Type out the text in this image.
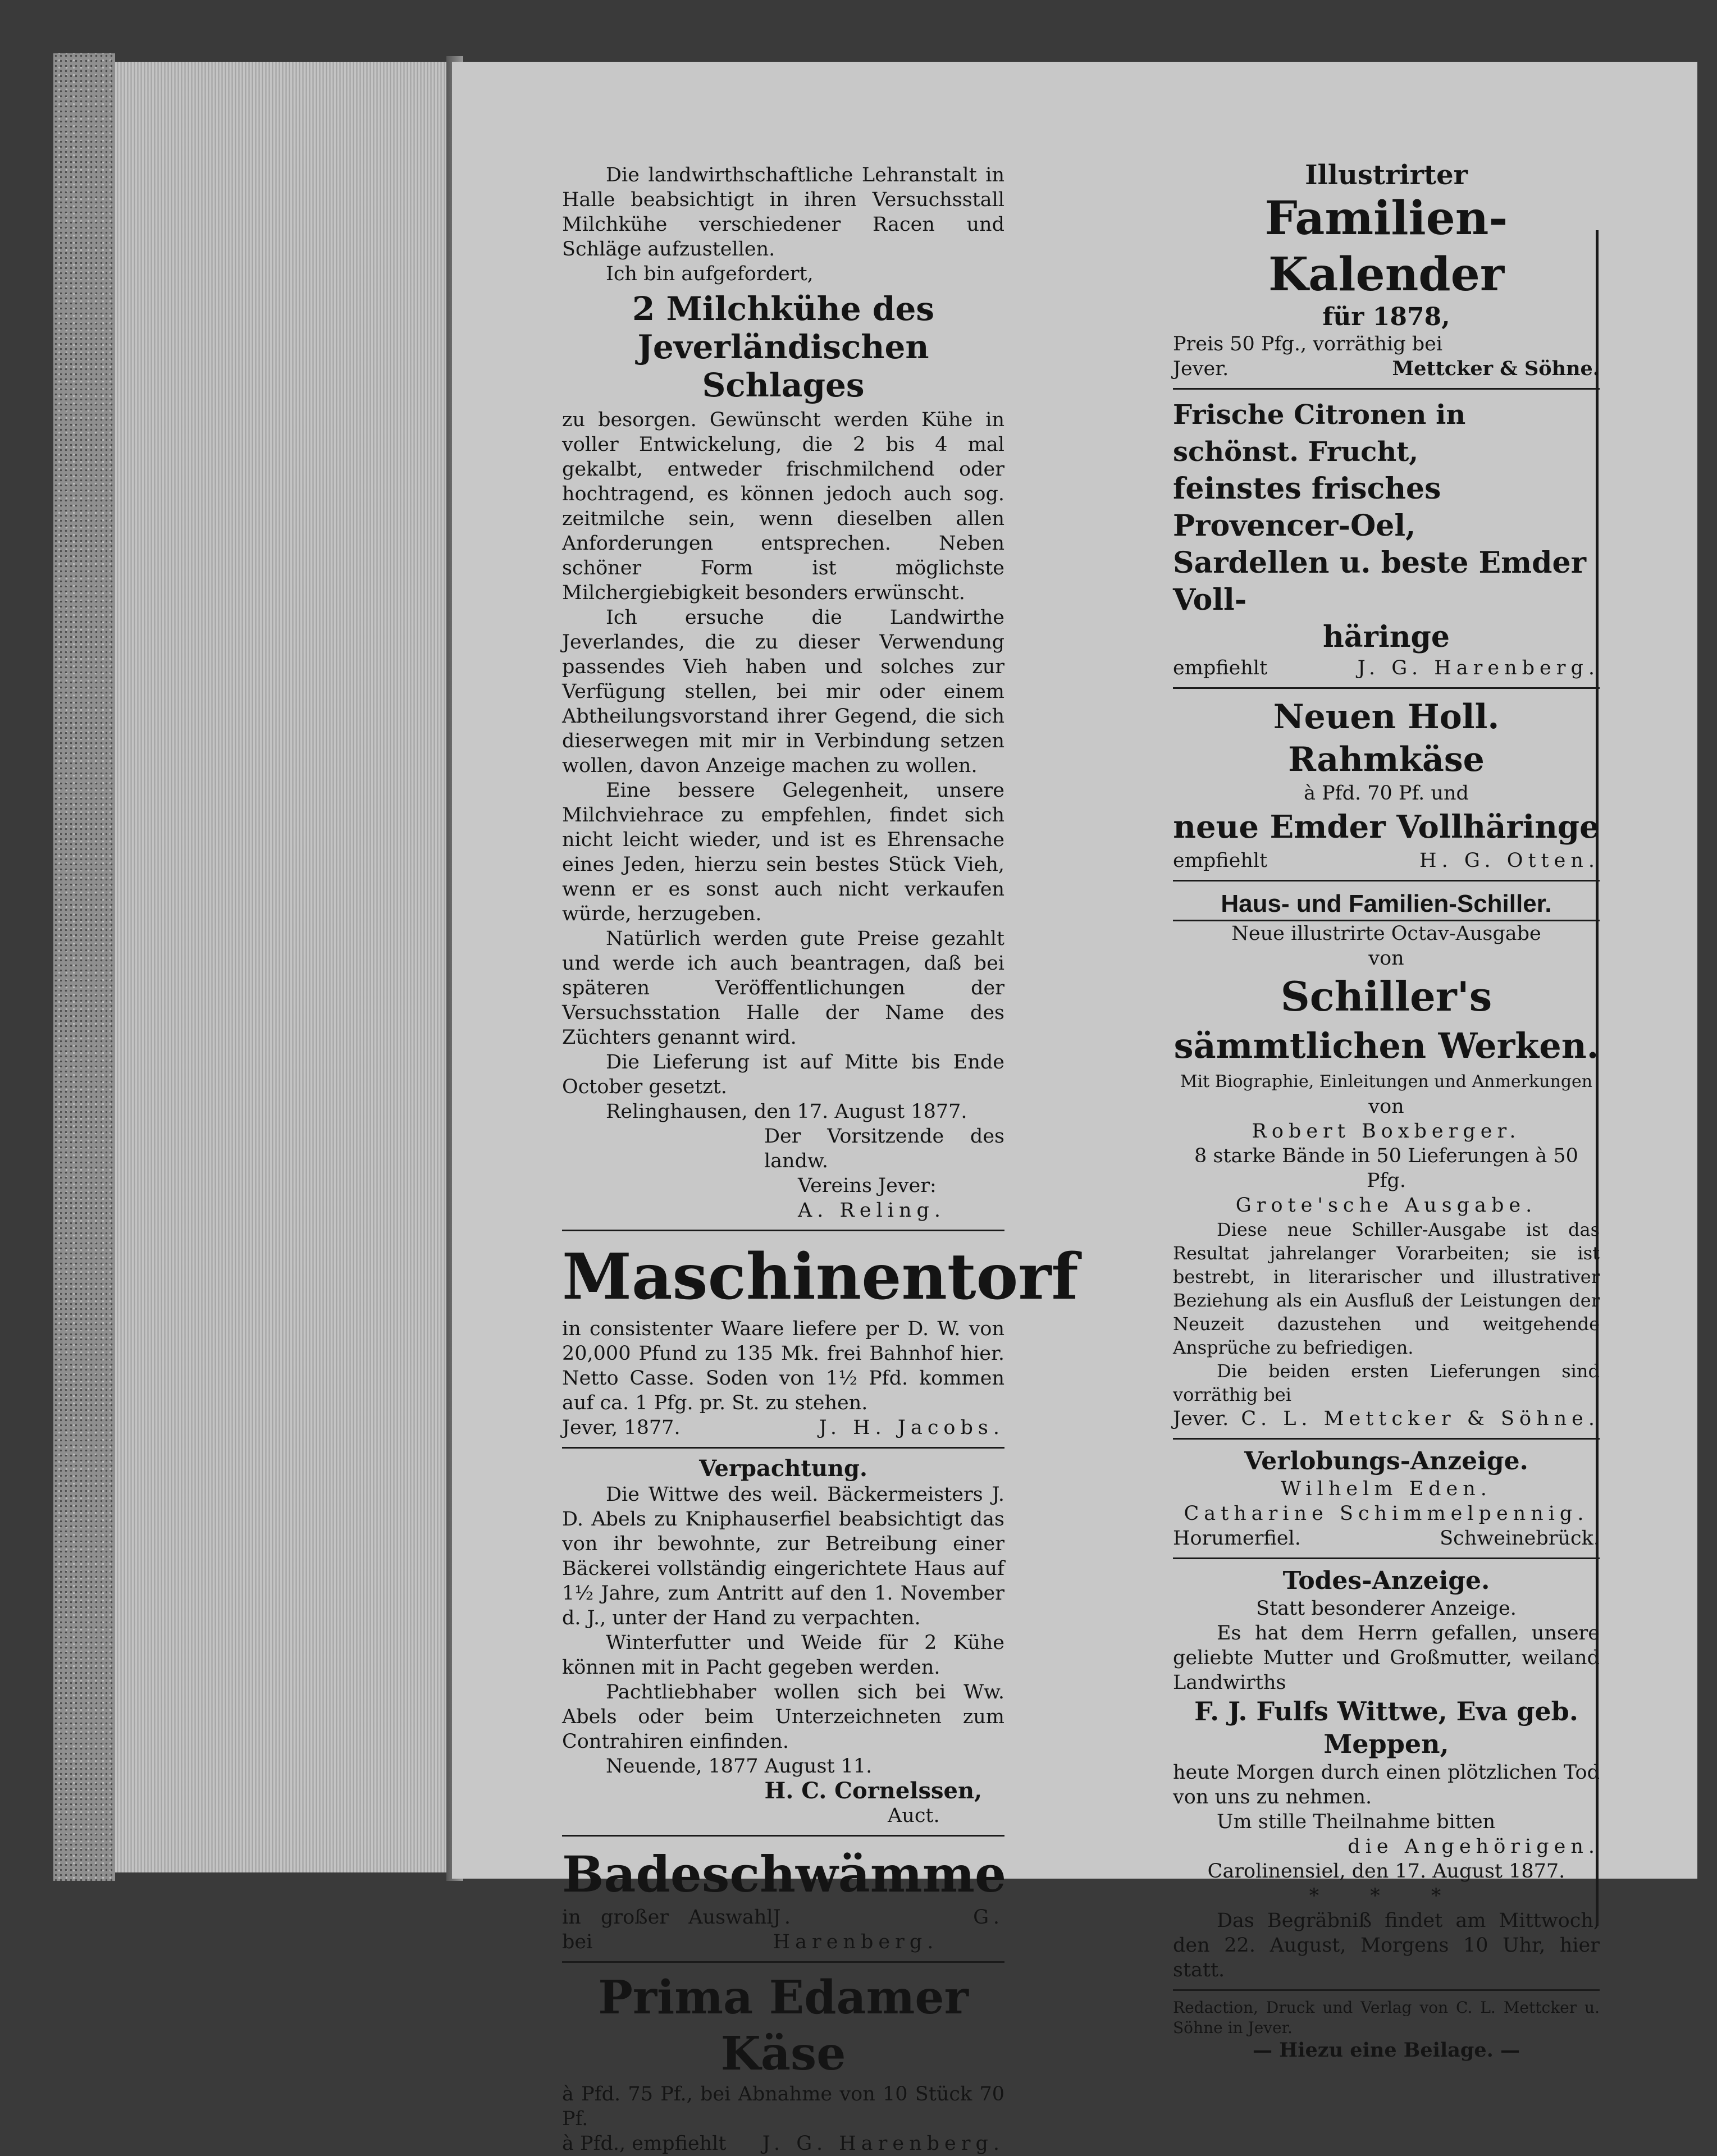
Die landwirthschaftliche Lehranstalt in Halle beabsichtigt in ihren Versuchsstall Milchkühe verschiedener Racen und Schläge aufzustellen.

Ich bin aufgefordert,

2 Milchkühe des Jeverländischen Schlages

zu besorgen. Gewünscht werden Kühe in voller Entwickelung, die 2 bis 4 mal gekalbt, entweder frischmilchend oder hochtragend, es können jedoch auch sog. zeitmilche sein, wenn dieselben allen Anforderungen entsprechen. Neben schöner Form ist möglichste Milchergiebigkeit besonders erwünscht.

Ich ersuche die Landwirthe Jeverlandes, die zu dieser Verwendung passendes Vieh haben und solches zur Verfügung stellen, bei mir oder einem Abtheilungsvorstand ihrer Gegend, die sich dieserwegen mit mir in Verbindung setzen wollen, davon Anzeige machen zu wollen.

Eine bessere Gelegenheit, unsere Milchviehrace zu empfehlen, findet sich nicht leicht wieder, und ist es Ehrensache eines Jeden, hierzu sein bestes Stück Vieh, wenn er es sonst auch nicht verkaufen würde, herzugeben.

Natürlich werden gute Preise gezahlt und werde ich auch beantragen, daß bei späteren Veröffentlichungen der Versuchsstation Halle der Name des Züchters genannt wird.

Die Lieferung ist auf Mitte bis Ende October gesetzt.

Relinghausen, den 17. August 1877.

Der Vorsitzende des landw.

Vereins Jever:

A. Reling.

Maschinentorf

in consistenter Waare liefere per D. W. von 20,000 Pfund zu 135 Mk. frei Bahnhof hier. Netto Casse. Soden von 1½ Pfd. kommen auf ca. 1 Pfg. pr. St. zu stehen.

Jever, 1877.	J. H. Jacobs.

Verpachtung.

Die Wittwe des weil. Bäckermeisters J. D. Abels zu Kniphauserfiel beabsichtigt das von ihr bewohnte, zur Betreibung einer Bäckerei vollständig eingerichtete Haus auf 1½ Jahre, zum Antritt auf den 1. November d. J., unter der Hand zu verpachten.

Winterfutter und Weide für 2 Kühe können mit in Pacht gegeben werden.

Pachtliebhaber wollen sich bei Ww. Abels oder beim Unterzeichneten zum Contrahiren einfinden.

Neuende, 1877 August 11.

H. C. Cornelssen,

Auct.

Badeschwämme

in großer Auswahl bei
J. G. Harenberg.

Prima Edamer Käse

à Pfd. 75 Pf., bei Abnahme von 10 Stück 70 Pf.

à Pfd., empfiehlt J. G. Harenberg.

Illustrirter

Familien-Kalender

für 1878,

Preis 50 Pfg., vorräthig bei

Jever.	Mettcker & Söhne.

Frische Citronen in schönst. Frucht,

feinstes frisches Provencer-Oel,

Sardellen u. beste Emder Voll-

häringe

empfiehlt	J. G. Harenberg.

Neuen Holl. Rahmkäse

à Pfd. 70 Pf. und

neue Emder Vollhäringe

empfiehlt	H. G. Otten.

Haus- und Familien-Schiller.

Neue illustrirte Octav-Ausgabe

von

Schiller's

sämmtlichen Werken.

Mit Biographie, Einleitungen und Anmerkungen

von

Robert Boxberger.

8 starke Bände in 50 Lieferungen à 50 Pfg.

Grote'sche Ausgabe.

Diese neue Schiller-Ausgabe ist das Resultat jahrelanger Vorarbeiten; sie ist bestrebt, in literarischer und illustrativer Beziehung als ein Ausfluß der Leistungen der Neuzeit dazustehen und weitgehende Ansprüche zu befriedigen.

Die beiden ersten Lieferungen sind vorräthig bei

Jever. C. L. Mettcker & Söhne.

Verlobungs-Anzeige.

Wilhelm Eden.

Catharine Schimmelpennig.

Horumerfiel.	Schweinebrück.

Todes-Anzeige.

Statt besonderer Anzeige.

Es hat dem Herrn gefallen, unsere geliebte Mutter und Großmutter, weiland Landwirths

F. J. Fulfs Wittwe, Eva geb. Meppen,

heute Morgen durch einen plötzlichen Tod von uns zu nehmen.

Um stille Theilnahme bitten

die Angehörigen.

Carolinensiel, den 17. August 1877.

* * *

Das Begräbniß findet am Mittwoch, den 22. August, Morgens 10 Uhr, hier statt.

Redaction, Druck und Verlag von C. L. Mettcker u. Söhne in Jever.

— Hiezu eine Beilage. —
